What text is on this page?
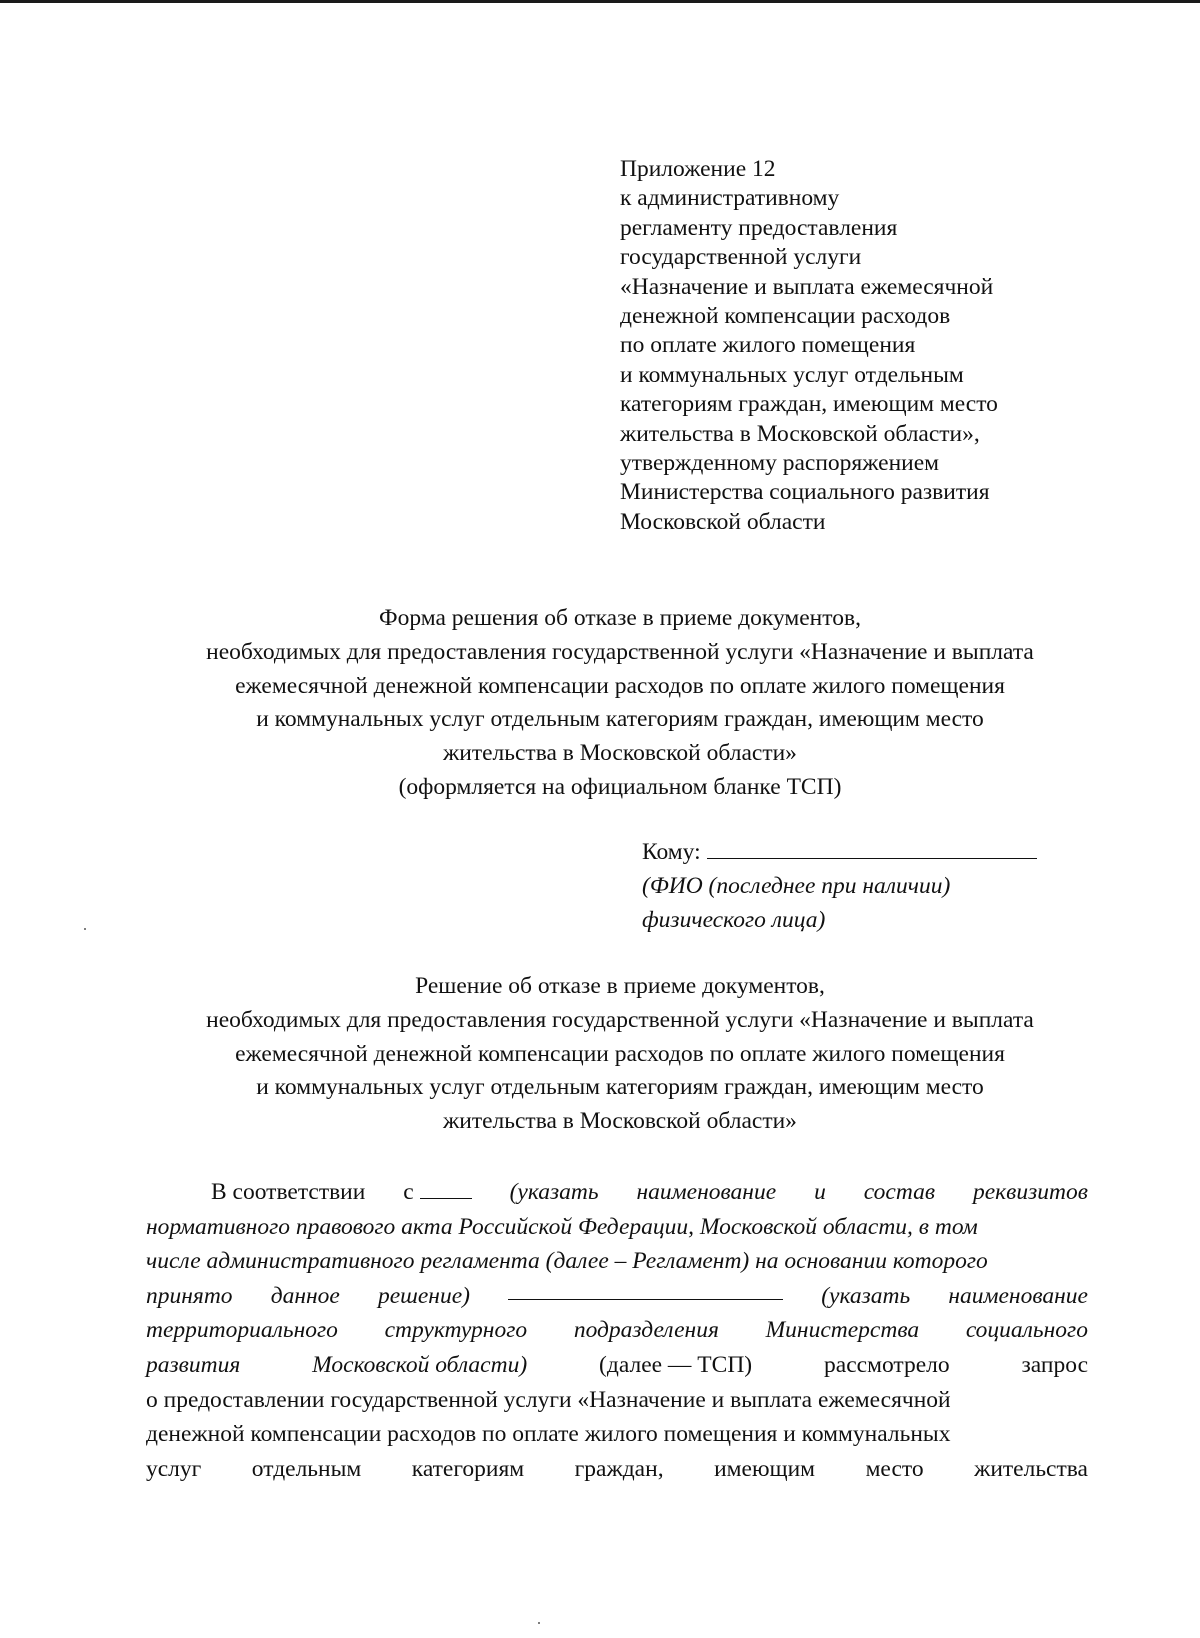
Приложение 12
к административному
регламенту предоставления
государственной услуги
«Назначение и выплата ежемесячной
денежной компенсации расходов
по оплате жилого помещения
и коммунальных услуг отдельным
категориям граждан, имеющим место
жительства в Московской области»,
утвержденному распоряжением
Министерства социального развития
Московской области
Форма решения об отказе в приеме документов,
необходимых для предоставления государственной услуги «Назначение и выплата
ежемесячной денежной компенсации расходов по оплате жилого помещения
и коммунальных услуг отдельным категориям граждан, имеющим место
жительства в Московской области»
(оформляется на официальном бланке ТСП)
Кому:
(ФИО (последнее при наличии)
физического лица)
Решение об отказе в приеме документов,
необходимых для предоставления государственной услуги «Назначение и выплата
ежемесячной денежной компенсации расходов по оплате жилого помещения
и коммунальных услуг отдельным категориям граждан, имеющим место
жительства в Московской области»
В соответствии с	(указать наименование и состав реквизитов
нормативного правового акта Российской Федерации, Московской области, в том
числе административного регламента (далее – Регламент) на основании которого
принято данное решение)	(указать наименование
территориального структурного подразделения Министерства социального
развития	Московской области)	(далее — ТСП)	рассмотрело	запрос
о предоставлении государственной услуги «Назначение и выплата ежемесячной
денежной компенсации расходов по оплате жилого помещения и коммунальных
услуг отдельным категориям граждан, имеющим место жительства
